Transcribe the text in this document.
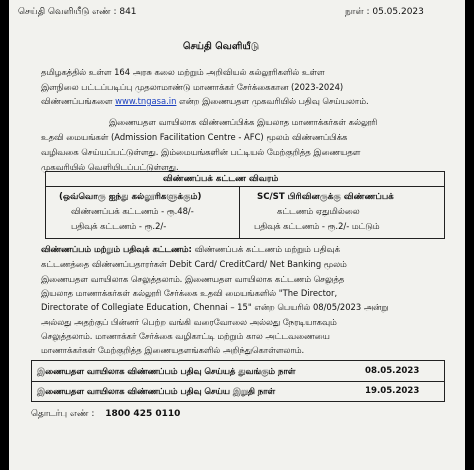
செய்தி வெளியீடு எண் : 841	நாள் : 05.05.2023
செய்தி வெளியீடு
தமிழகத்தில் உள்ள 164 அரசு கலை மற்றும் அறிவியல் கல்லூரிகளில் உள்ள
இளநிலை பட்டப்படிப்பு முதலாமாண்டு மாணாக்கர் சேர்க்கைகான (2023-2024)
விண்ணப்பங்களை www.tngasa.in என்ற இணையதள முகவரியில் பதிவு செய்யலாம்.
இணையதள வாயிலாக விண்ணப்பிக்க இயலாத மாணாக்கர்கள் கல்லூரி
உதவி மையங்கள் (Admission Facilitation Centre - AFC) மூலம் விண்ணப்பிக்க
வழிவகை செய்யப்பட்டுள்ளது. இம்மையங்களின் பட்டியல் மேற்குறித்த இணையதள
முகவரியில் வெளியிடப்பட்டுள்ளது.
விண்ணப்பக் கட்டண விவரம்
(ஒவ்வொரு ஐந்து கல்லூரிகளுக்கும்)
விண்ணப்பக் கட்டணம் - ரூ.48/-
பதிவுக் கட்டணம் - ரூ.2/-
SC/ST பிரிவினருக்கு விண்ணப்பக்
கட்டணம் ஏதுமில்லை
பதிவுக் கட்டணம் - ரூ.2/- மட்டும்
விண்ணப்பம் மற்றும் பதிவுக் கட்டணம்: விண்ணப்பக் கட்டணம் மற்றும் பதிவுக்
கட்டணத்தை விண்ணப்பதாரர்கள் Debit Card/ CreditCard/ Net Banking மூலம்
இணையதள வாயிலாக செலுத்தலாம். இணையதள வாயிலாக கட்டணம் செலுத்த
இயலாத மாணாக்கர்கள் கல்லூரி சேர்க்கை உதவி மையங்களில் "The Director,
Directorate of Collegiate Education, Chennai – 15" என்ற பெயரில் 08/05/2023 அன்று
அல்லது அதற்குப் பின்னர் பெற்ற வங்கி வரைவோலை அல்லது நேரடியாகவும்
செலுத்தலாம். மாணாக்கர் சேர்க்கை வழிகாட்டி மற்றும் கால அட்டவணையை
மாணாக்கர்கள் மேற்குறித்த இணையதளங்களில் அறிந்துகொள்ளலாம்.
இணையதள வாயிலாக விண்ணப்பம் பதிவு செய்யத் துவங்கும் நாள்	08.05.2023
இணையதள வாயிலாக விண்ணப்பம் பதிவு செய்ய இறுதி நாள்	19.05.2023
தொடர்பு எண் : 1800 425 0110
